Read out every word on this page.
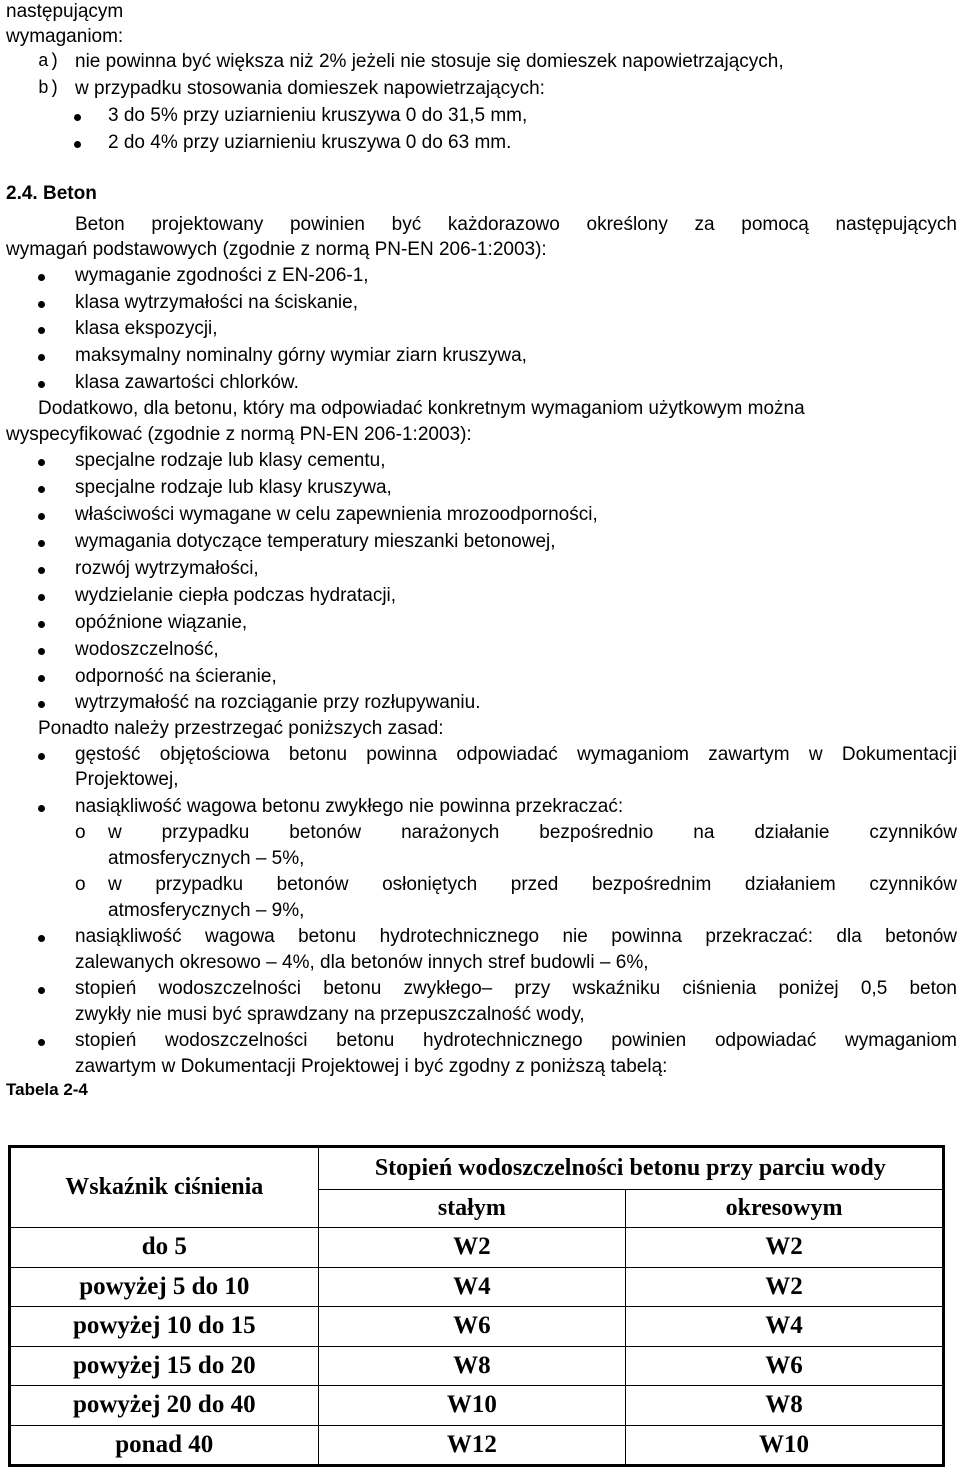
następującym
wymaganiom:
a) nie powinna być większa niż 2% jeżeli nie stosuje się domieszek napowietrzających,
b) w przypadku stosowania domieszek napowietrzających:
3 do 5% przy uziarnieniu kruszywa 0 do 31,5 mm,
2 do 4% przy uziarnieniu kruszywa 0 do 63 mm.
2.4. Beton
Beton projektowany powinien być każdorazowo określony za pomocą następujących
wymagań podstawowych (zgodnie z normą PN-EN 206-1:2003):
wymaganie zgodności z EN-206-1,
klasa wytrzymałości na ściskanie,
klasa ekspozycji,
maksymalny nominalny górny wymiar ziarn kruszywa,
klasa zawartości chlorków.
Dodatkowo, dla betonu, który ma odpowiadać konkretnym wymaganiom użytkowym można
wyspecyfikować (zgodnie z normą PN-EN 206-1:2003):
specjalne rodzaje lub klasy cementu,
specjalne rodzaje lub klasy kruszywa,
właściwości wymagane w celu zapewnienia mrozoodporności,
wymagania dotyczące temperatury mieszanki betonowej,
rozwój wytrzymałości,
wydzielanie ciepła podczas hydratacji,
opóźnione wiązanie,
wodoszczelność,
odporność na ścieranie,
wytrzymałość na rozciąganie przy rozłupywaniu.
Ponadto należy przestrzegać poniższych zasad:
gęstość objętościowa betonu powinna odpowiadać wymaganiom zawartym w Dokumentacji
Projektowej,
nasiąkliwość wagowa betonu zwykłego nie powinna przekraczać:
o w przypadku betonów narażonych bezpośrednio na działanie czynników
atmosferycznych – 5%,
o w przypadku betonów osłoniętych przed bezpośrednim działaniem czynników
atmosferycznych – 9%,
nasiąkliwość wagowa betonu hydrotechnicznego nie powinna przekraczać: dla betonów
zalewanych okresowo – 4%, dla betonów innych stref budowli – 6%,
stopień wodoszczelności betonu zwykłego– przy wskaźniku ciśnienia poniżej 0,5 beton
zwykły nie musi być sprawdzany na przepuszczalność wody,
stopień wodoszczelności betonu hydrotechnicznego powinien odpowiadać wymaganiom
zawartym w Dokumentacji Projektowej i być zgodny z poniższą tabelą:
Tabela 2-4
Wskaźnik ciśnienia	Stopień wodoszczelności betonu przy parciu wody	
	stałym	okresowym
do 5	W2	W2
powyżej 5 do 10	W4	W2
powyżej 10 do 15	W6	W4
powyżej 15 do 20	W8	W6
powyżej 20 do 40	W10	W8
ponad 40	W12	W10
